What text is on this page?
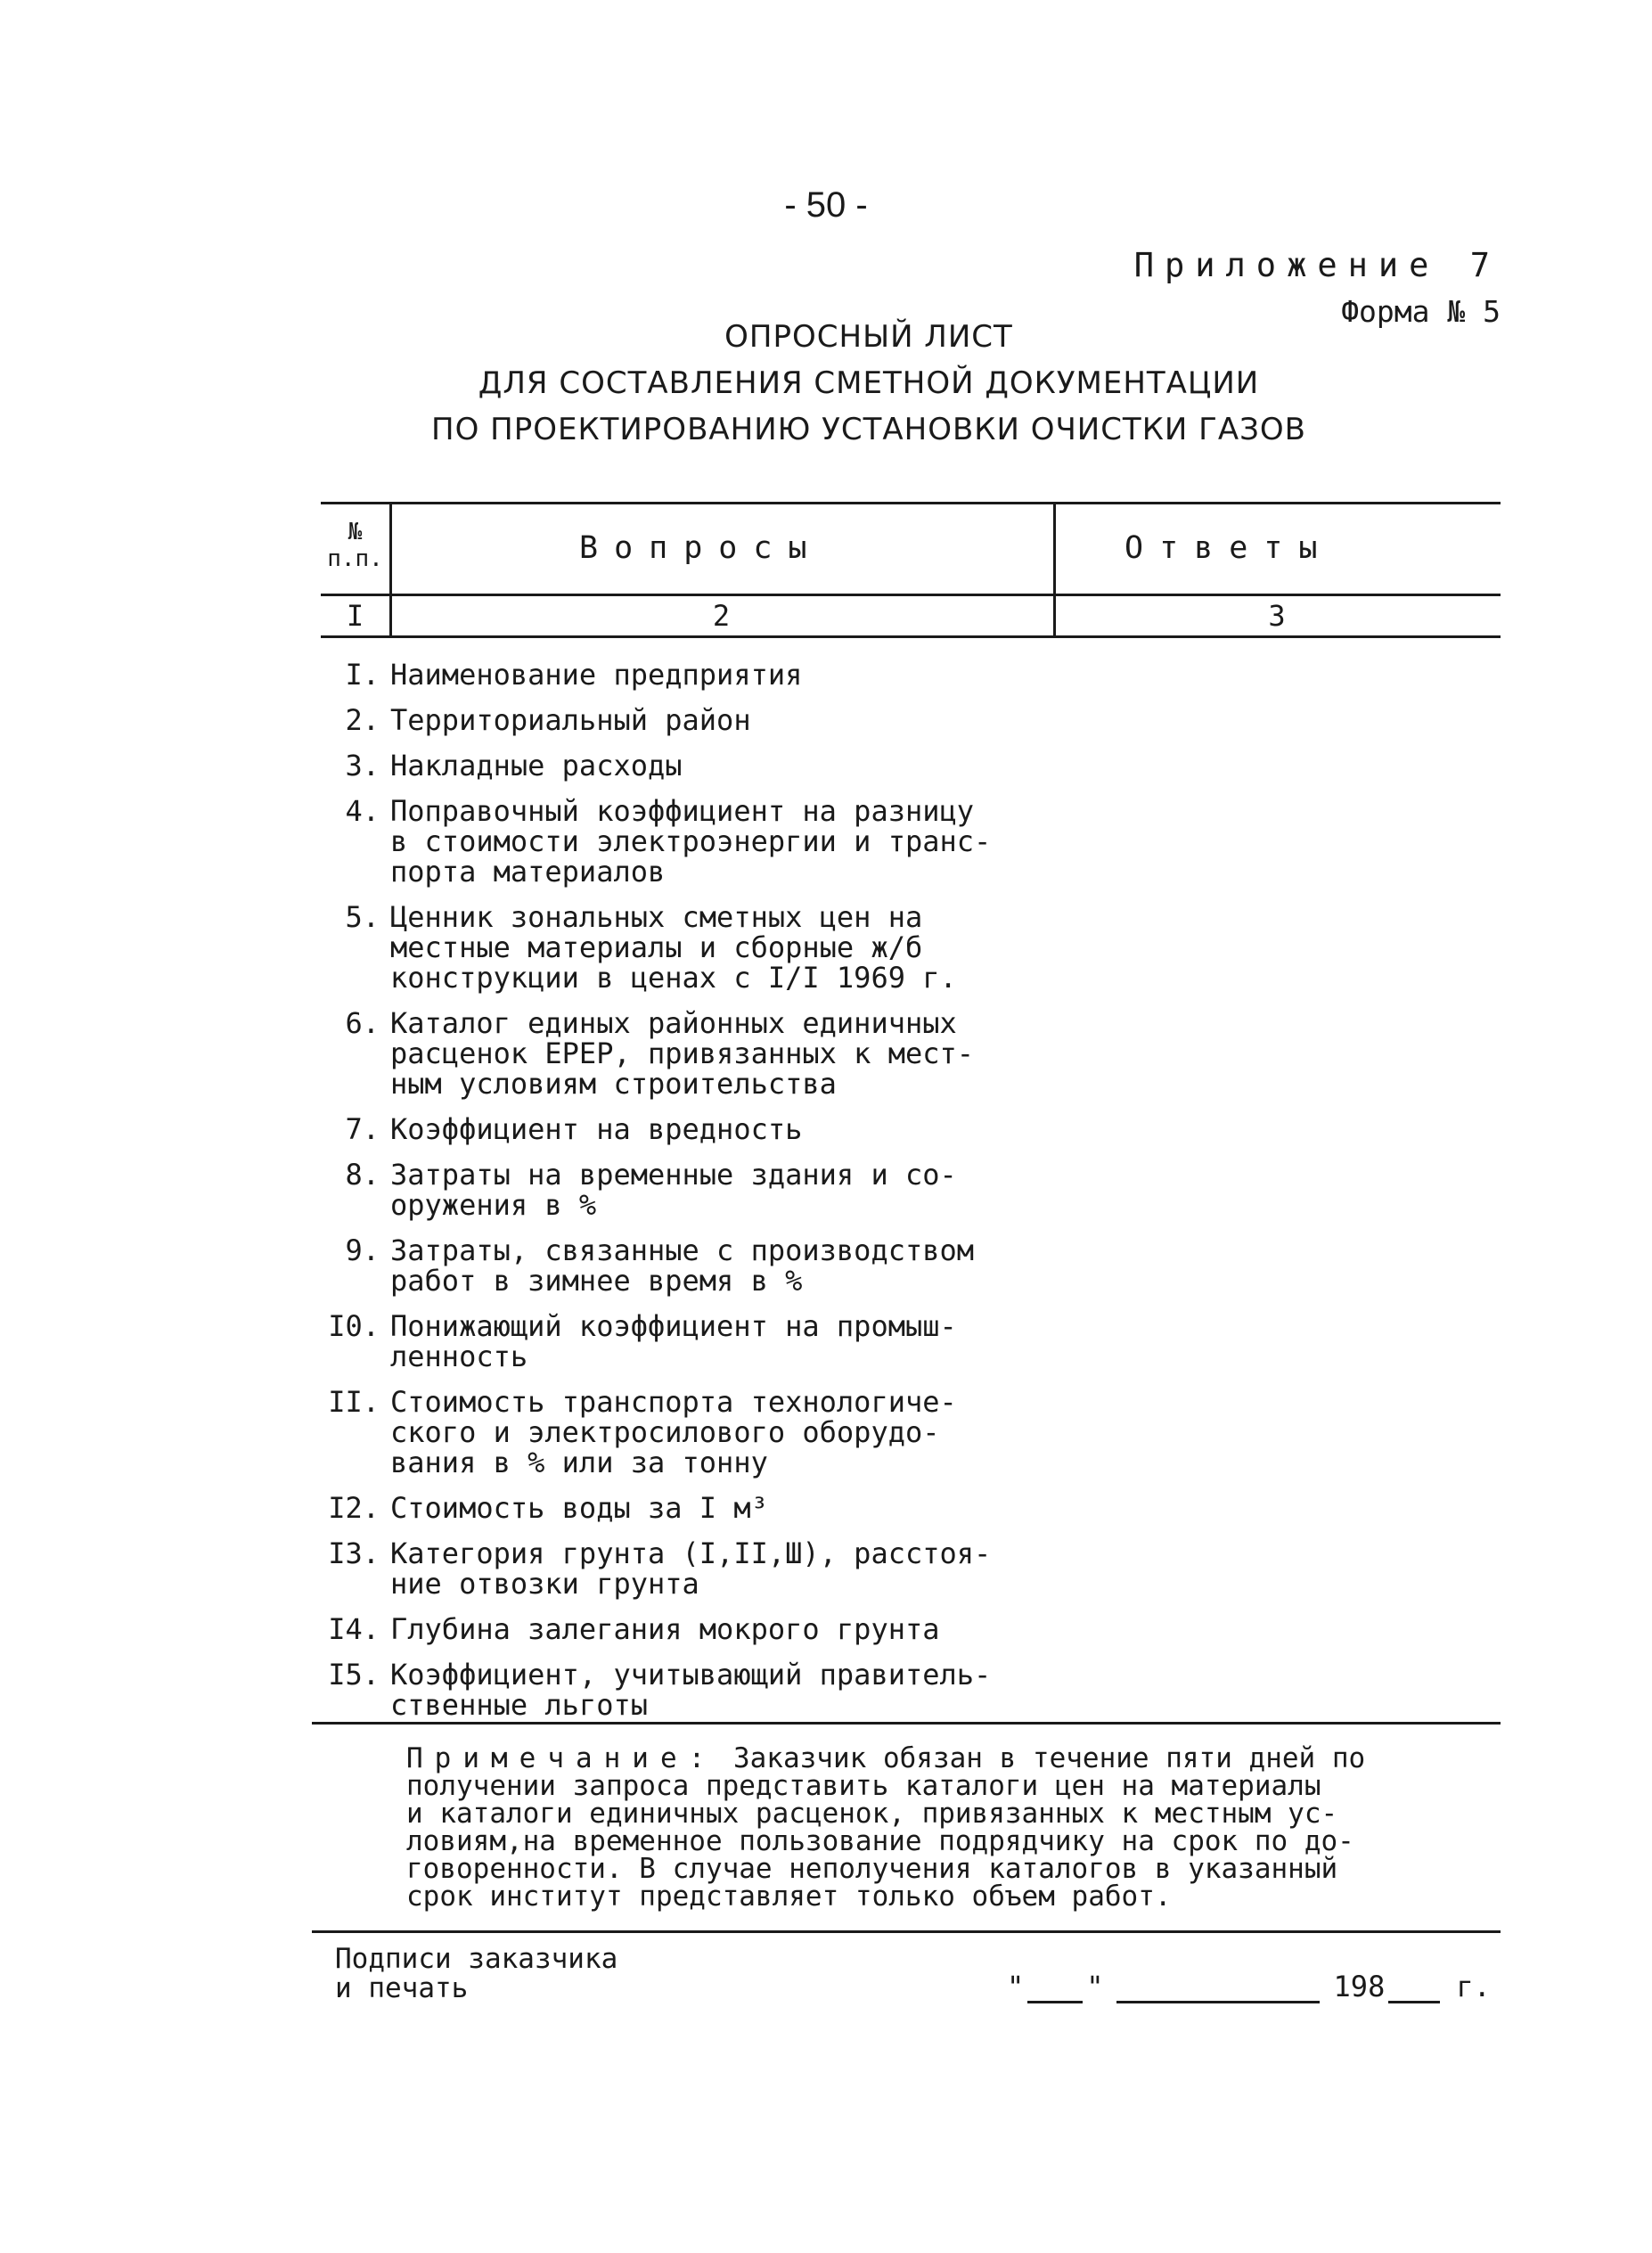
- 50 -
Приложение 7
Форма № 5
ОПРОСНЫЙ ЛИСТ
ДЛЯ СОСТАВЛЕНИЯ СМЕТНОЙ ДОКУМЕНТАЦИИ
ПО ПРОЕКТИРОВАНИЮ УСТАНОВКИ ОЧИСТКИ ГАЗОВ
№
п.п.	Вопросы	Ответы
I	2	3
I. Наименование предприятия
2. Территориальный район
3. Накладные расходы
4. Поправочный коэффициент на разницу
в стоимости электроэнергии и транс-
порта материалов
5. Ценник зональных сметных цен на
местные материалы и сборные ж/б
конструкции в ценах с I/I 1969 г.
6. Каталог единых районных единичных
расценок ЕРЕР, привязанных к мест-
ным условиям строительства
7. Коэффициент на вредность
8. Затраты на временные здания и со-
оружения в %
9. Затраты, связанные с производством
работ в зимнее время в %
I0. Понижающий коэффициент на промыш-
ленность
II. Стоимость транспорта технологиче-
ского и электросилового оборудо-
вания в % или за тонну
I2. Стоимость воды за I м³
I3. Категория грунта (I,II,Ш), расстоя-
ние отвозки грунта
I4. Глубина залегания мокрого грунта
I5. Коэффициент, учитывающий правитель-
ственные льготы
Примечание: Заказчик обязан в течение пяти дней по
получении запроса представить каталоги цен на материалы
и каталоги единичных расценок, привязанных к местным ус-
ловиям,на временное пользование подрядчику на срок по до-
говоренности. В случае неполучения каталогов в указанный
срок институт представляет только объем работ.
Подписи заказчика
и печать	" "	198	г.
